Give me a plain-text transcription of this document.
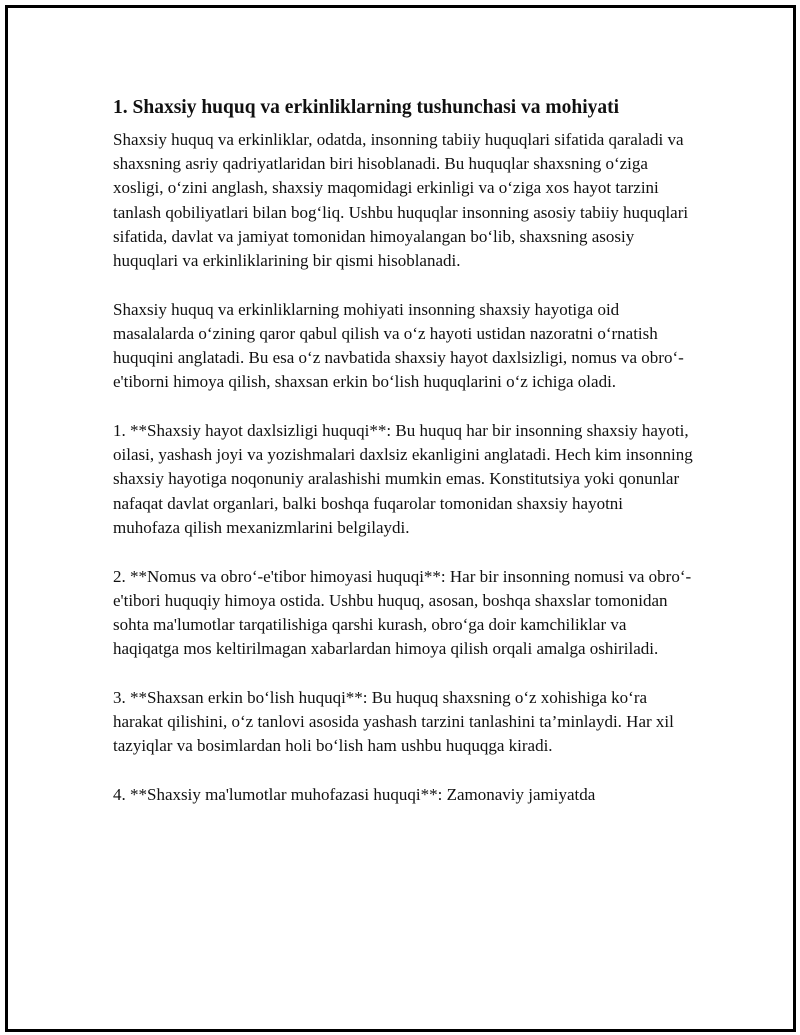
1. Shaxsiy huquq va erkinliklarning tushunchasi va mohiyati

Shaxsiy huquq va erkinliklar, odatda, insonning tabiiy huquqlari sifatida qaraladi va shaxsning asriy qadriyatlaridan biri hisoblanadi. Bu huquqlar shaxsning o‘ziga xosligi, o‘zini anglash, shaxsiy maqomidagi erkinligi va o‘ziga xos hayot tarzini tanlash qobiliyatlari bilan bog‘liq. Ushbu huquqlar insonning asosiy tabiiy huquqlari sifatida, davlat va jamiyat tomonidan himoyalangan bo‘lib, shaxsning asosiy huquqlari va erkinliklarining bir qismi hisoblanadi.

Shaxsiy huquq va erkinliklarning mohiyati insonning shaxsiy hayotiga oid masalalarda o‘zining qaror qabul qilish va o‘z hayoti ustidan nazoratni o‘rnatish huquqini anglatadi. Bu esa o‘z navbatida shaxsiy hayot daxlsizligi, nomus va obro‘-e'tiborni himoya qilish, shaxsan erkin bo‘lish huquqlarini o‘z ichiga oladi.

1. **Shaxsiy hayot daxlsizligi huquqi**: Bu huquq har bir insonning shaxsiy hayoti, oilasi, yashash joyi va yozishmalari daxlsiz ekanligini anglatadi. Hech kim insonning shaxsiy hayotiga noqonuniy aralashishi mumkin emas. Konstitutsiya yoki qonunlar nafaqat davlat organlari, balki boshqa fuqarolar tomonidan shaxsiy hayotni muhofaza qilish mexanizmlarini belgilaydi.

2. **Nomus va obro‘-e'tibor himoyasi huquqi**: Har bir insonning nomusi va obro‘-e'tibori huquqiy himoya ostida. Ushbu huquq, asosan, boshqa shaxslar tomonidan sohta ma'lumotlar tarqatilishiga qarshi kurash, obro‘ga doir kamchiliklar va haqiqatga mos keltirilmagan xabarlardan himoya qilish orqali amalga oshiriladi.

3. **Shaxsan erkin bo‘lish huquqi**: Bu huquq shaxsning o‘z xohishiga ko‘ra harakat qilishini, o‘z tanlovi asosida yashash tarzini tanlashini ta’minlaydi. Har xil tazyiqlar va bosimlardan holi bo‘lish ham ushbu huquqga kiradi.

4. **Shaxsiy ma'lumotlar muhofazasi huquqi**: Zamonaviy jamiyatda
